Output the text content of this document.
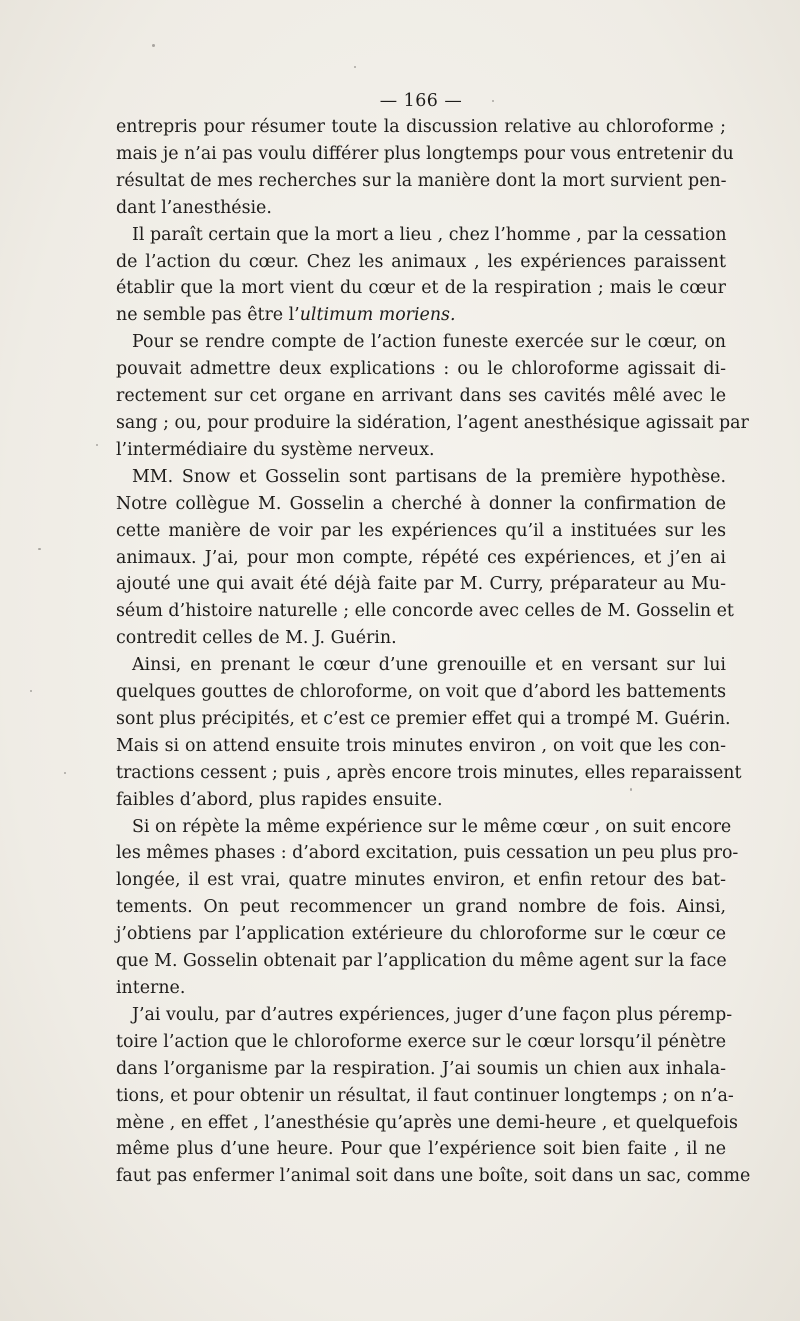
— 166 —

entrepris pour résumer toute la discussion relative au chloroforme ;
mais je n’ai pas voulu différer plus longtemps pour vous entretenir du
résultat de mes recherches sur la manière dont la mort survient pen-
dant l’anesthésie.

Il paraît certain que la mort a lieu , chez l’homme , par la cessation
de l’action du cœur. Chez les animaux , les expériences paraissent
établir que la mort vient du cœur et de la respiration ; mais le cœur
ne semble pas être l’ultimum moriens.

Pour se rendre compte de l’action funeste exercée sur le cœur, on
pouvait admettre deux explications : ou le chloroforme agissait di-
rectement sur cet organe en arrivant dans ses cavités mêlé avec le
sang ; ou, pour produire la sidération, l’agent anesthésique agissait par
l’intermédiaire du système nerveux.

MM. Snow et Gosselin sont partisans de la première hypothèse.
Notre collègue M. Gosselin a cherché à donner la confirmation de
cette manière de voir par les expériences qu’il a instituées sur les
animaux. J’ai, pour mon compte, répété ces expériences, et j’en ai
ajouté une qui avait été déjà faite par M. Curry, préparateur au Mu-
séum d’histoire naturelle ; elle concorde avec celles de M. Gosselin et
contredit celles de M. J. Guérin.

Ainsi, en prenant le cœur d’une grenouille et en versant sur lui
quelques gouttes de chloroforme, on voit que d’abord les battements
sont plus précipités, et c’est ce premier effet qui a trompé M. Guérin.
Mais si on attend ensuite trois minutes environ , on voit que les con-
tractions cessent ; puis , après encore trois minutes, elles reparaissent
faibles d’abord, plus rapides ensuite.

Si on répète la même expérience sur le même cœur , on suit encore
les mêmes phases : d’abord excitation, puis cessation un peu plus pro-
longée, il est vrai, quatre minutes environ, et enfin retour des bat-
tements. On peut recommencer un grand nombre de fois. Ainsi,
j’obtiens par l’application extérieure du chloroforme sur le cœur ce
que M. Gosselin obtenait par l’application du même agent sur la face
interne.

J’ai voulu, par d’autres expériences, juger d’une façon plus péremp-
toire l’action que le chloroforme exerce sur le cœur lorsqu’il pénètre
dans l’organisme par la respiration. J’ai soumis un chien aux inhala-
tions, et pour obtenir un résultat, il faut continuer longtemps ; on n’a-
mène , en effet , l’anesthésie qu’après une demi-heure , et quelquefois
même plus d’une heure. Pour que l’expérience soit bien faite , il ne
faut pas enfermer l’animal soit dans une boîte, soit dans un sac, comme
